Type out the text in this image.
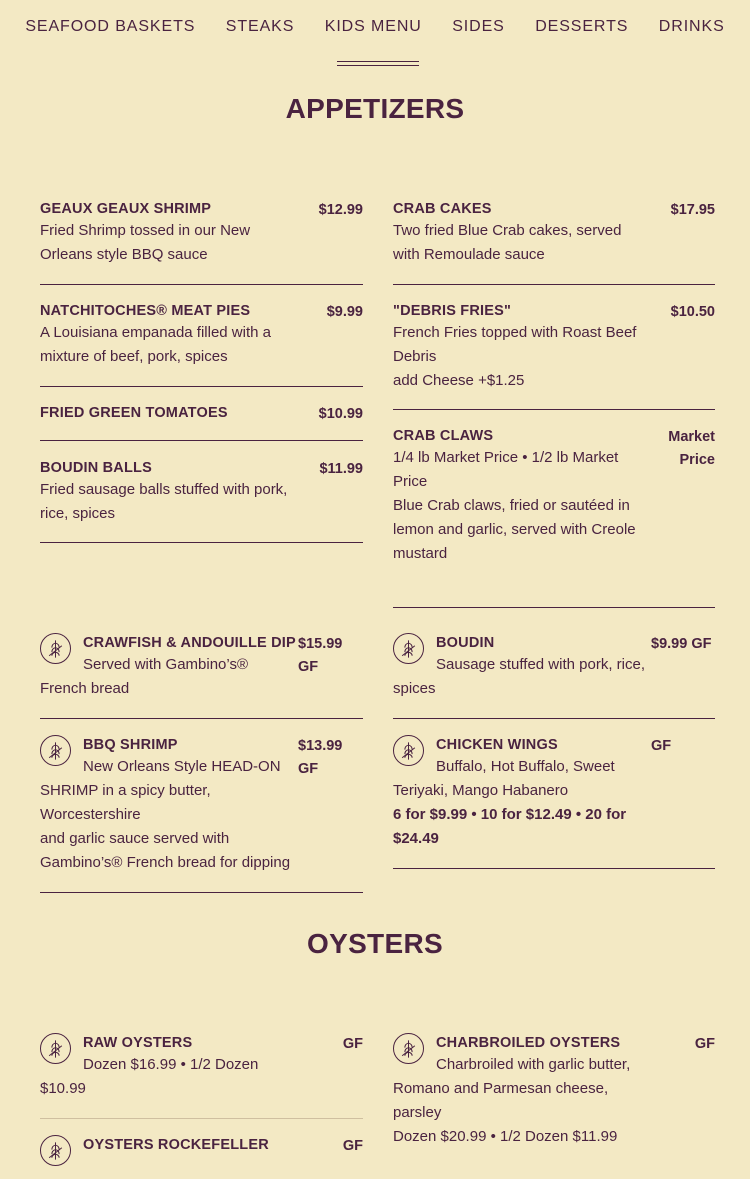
SEAFOOD BASKETS STEAKS KIDS MENU SIDES DESSERTS DRINKS
APPETIZERS
GEAUX GEAUX SHRIMP	$12.99
Fried Shrimp tossed in our New
Orleans style BBQ sauce
NATCHITOCHES® MEAT PIES	$9.99
A Louisiana empanada filled with a
mixture of beef, pork, spices
FRIED GREEN TOMATOES	$10.99
BOUDIN BALLS	$11.99
Fried sausage balls stuffed with pork,
rice, spices
CRAB CAKES	$17.95
Two fried Blue Crab cakes, served
with Remoulade sauce
"DEBRIS FRIES"	$10.50
French Fries topped with Roast Beef
Debris
add Cheese +$1.25
CRAB CLAWS	Market Price
1/4 lb Market Price • 1/2 lb Market
Price
Blue Crab claws, fried or sautéed in
lemon and garlic, served with Creole
mustard
CRAWFISH & ANDOUILLE DIP $15.99 GF
Served with Gambino’s®
French bread
BBQ SHRIMP	$13.99 GF
New Orleans Style HEAD-ON
SHRIMP in a spicy butter,
Worcestershire
and garlic sauce served with
Gambino’s® French bread for dipping
BOUDIN	$9.99 GF
Sausage stuffed with pork, rice,
spices
CHICKEN WINGS	GF
Buffalo, Hot Buffalo, Sweet
Teriyaki, Mango Habanero
6 for $9.99 • 10 for $12.49 • 20 for
$24.49
OYSTERS
RAW OYSTERS	GF
Dozen $16.99 • 1/2 Dozen
$10.99
OYSTERS ROCKEFELLER	GF
CHARBROILED OYSTERS	GF
Charbroiled with garlic butter,
Romano and Parmesan cheese,
parsley
Dozen $20.99 • 1/2 Dozen $11.99
